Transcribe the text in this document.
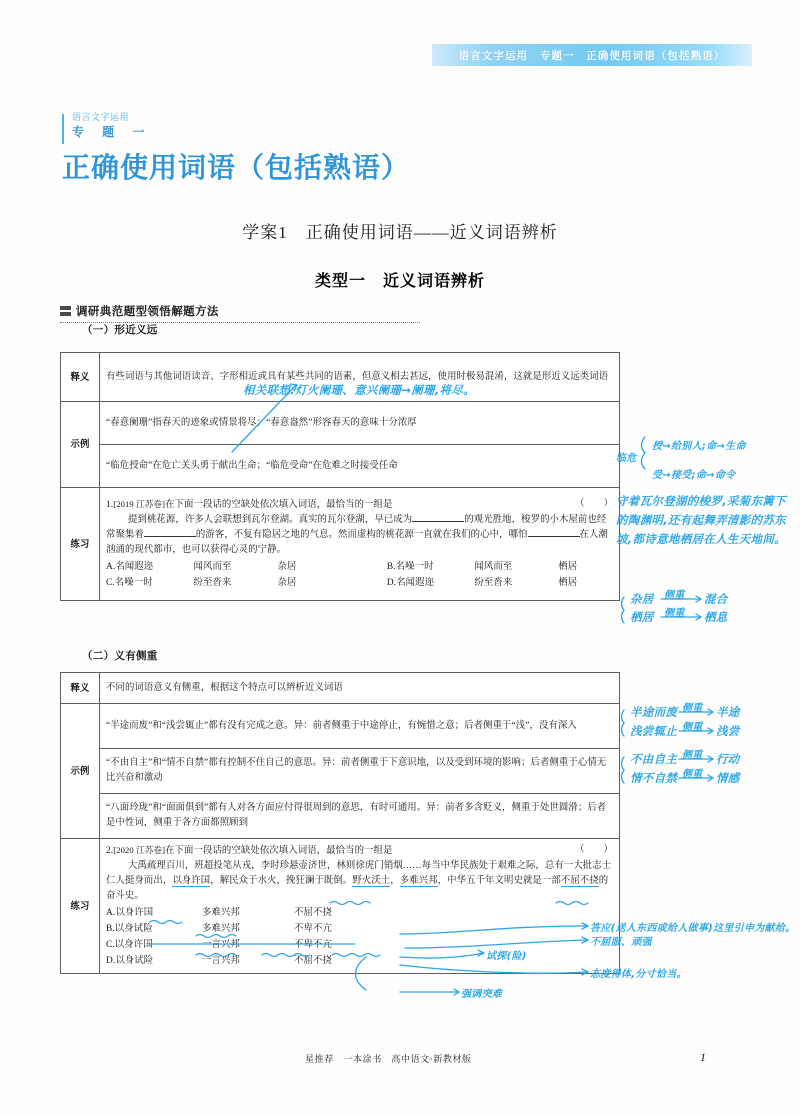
语言文字运用　专题一　正确使用词语（包括熟语）
语言文字运用
专 题 一
正确使用词语（包括熟语）
学案1　正确使用词语——近义词语辨析
类型一　近义词语辨析
调研典范题型领悟解题方法
（一）形近义远
释义	有些词语与其他词语读音、字形相近或具有某些共同的语素，但意义相去甚远，使用时极易混淆，这就是形近义远类词语
示例	“春意阑珊”指春天的迹象或情景将尽；“春意盎然”形容春天的意味十分浓厚
	“临危授命”在危亡关头勇于献出生命；“临危受命”在危难之时接受任命
练习	
1.[2019 江苏卷]在下面一段话的空缺处依次填入词语，最恰当的一组是	（　　）
提到桃花源，许多人会联想到瓦尔登湖。真实的瓦尔登湖，早已成为	的观光胜地，梭罗的小木屋前也经常聚集着	的游客，不复有隐居之地的气息。然而虚构的桃花源一直就在我们的心中，哪怕	在人潮汹涌的现代都市，也可以获得心灵的宁静。
A.名闻遐迩	闻风而至	杂居	B.名噪一时	闻风而至	栖居
C.名噪一时	纷至沓来	杂居	D.名闻遐迩	纷至沓来	栖居
（二）义有侧重
释义	不同的词语意义有侧重，根据这个特点可以辨析近义词语
示例	“半途而废”和“浅尝辄止”都有没有完成之意。异：前者侧重于中途停止，有惋惜之意；后者侧重于“浅”，没有深入
	“不由自主”和“情不自禁”都有控制不住自己的意思。异：前者侧重于下意识地，以及受到环境的影响；后者侧重于心情无比兴奋和激动
	“八面玲珑”和“面面俱到”都有人对各方面应付得很周到的意思，有时可通用。异：前者多含贬义，侧重于处世圆滑；后者是中性词，侧重于各方面都照顾到
练习	
2.[2020 江苏卷]在下面一段话的空缺处依次填入词语，最恰当的一组是	（　　）
大禹疏理百川，班超投笔从戎，李时珍悬壶济世，林则徐虎门销烟……每当中华民族处于艰难之际，总有一大批志士仁人挺身而出，以身许国，解民众于水火，挽狂澜于既倒。野火沃土，多难兴邦，中华五千年文明史就是一部不屈不挠的奋斗史。
A.以身许国	多难兴邦	不屈不挠
B.以身试险	多难兴邦	不卑不亢
C.以身许国	一言兴邦	不卑不亢
D.以身试险	一言兴邦	不屈不挠
相关联想:灯火阑珊、意兴阑珊→阑珊,将尽。
临危
授→给别人;命→生命
受→接受;命→命令
守着瓦尔登湖的梭罗,采菊东篱下的陶渊明,还有起舞弄清影的苏东坡,都诗意地栖居在人生天地间。
杂居 侧重 混合
栖居 侧重 栖息
半途而废 侧重 半途
浅尝辄止 侧重 浅尝
不由自主 侧重 行动
情不自禁 侧重 情感
答应(送人东西或给人做事)这里引申为献给。
不屈服、顽强
试探(险)
态度得体,分寸恰当。
强调突难
星推荐　一本涂书　高中语文·新教材版	1
